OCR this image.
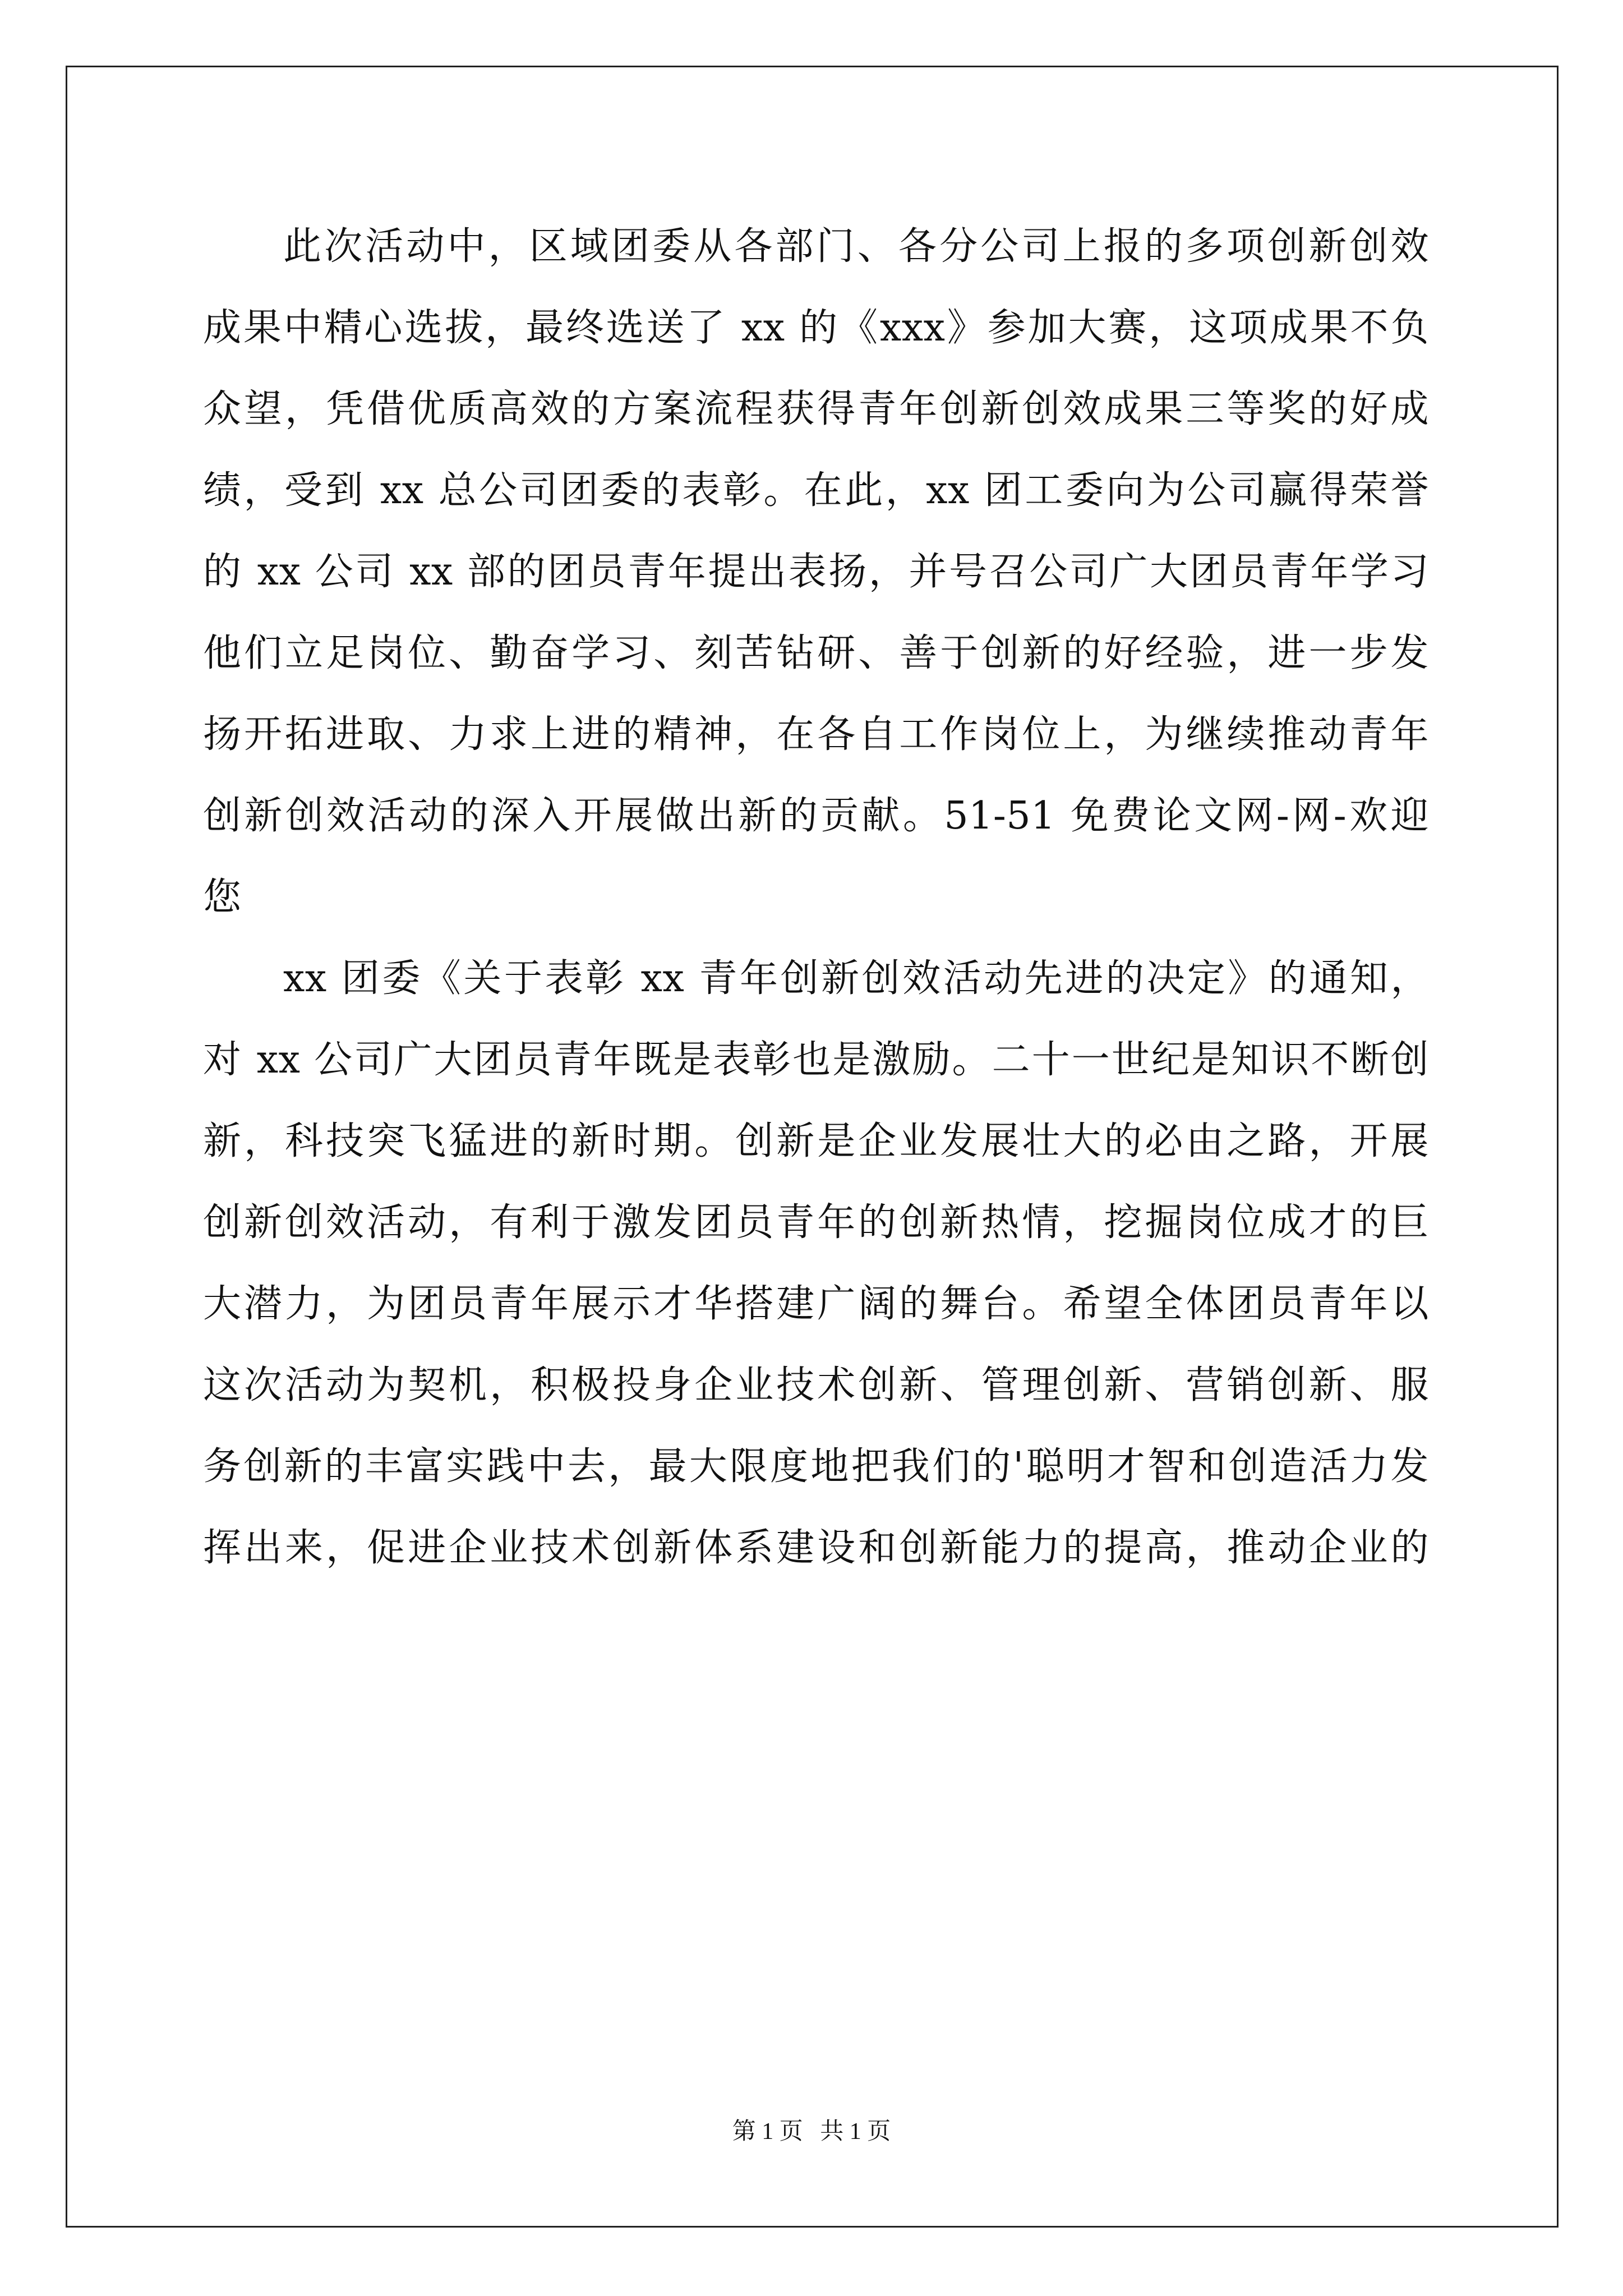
此次活动中，区域团委从各部门、各分公司上报的多项创新创效
成果中精心选拔，最终选送了 xx 的《xxx》参加大赛，这项成果不负
众望，凭借优质高效的方案流程获得青年创新创效成果三等奖的好成
绩，受到 xx 总公司团委的表彰。在此，xx 团工委向为公司赢得荣誉
的 xx 公司 xx 部的团员青年提出表扬，并号召公司广大团员青年学习
他们立足岗位、勤奋学习、刻苦钻研、善于创新的好经验，进一步发
扬开拓进取、力求上进的精神，在各自工作岗位上，为继续推动青年
创新创效活动的深入开展做出新的贡献。51-51 免费论文网-网-欢迎
您
xx 团委《关于表彰 xx 青年创新创效活动先进的决定》的通知，
对 xx 公司广大团员青年既是表彰也是激励。二十一世纪是知识不断创
新，科技突飞猛进的新时期。创新是企业发展壮大的必由之路，开展
创新创效活动，有利于激发团员青年的创新热情，挖掘岗位成才的巨
大潜力，为团员青年展示才华搭建广阔的舞台。希望全体团员青年以
这次活动为契机，积极投身企业技术创新、管理创新、营销创新、服
务创新的丰富实践中去，最大限度地把我们的'聪明才智和创造活力发
挥出来，促进企业技术创新体系建设和创新能力的提高，推动企业的
第 1 页 共 1 页
